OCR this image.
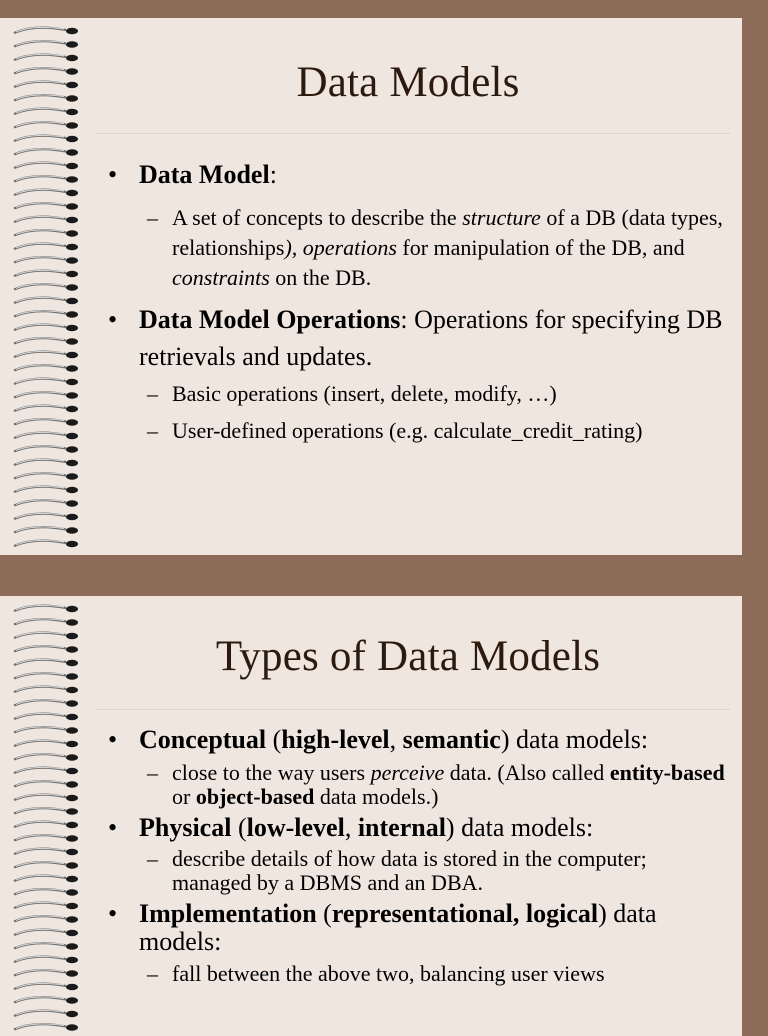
Data Models
• Data Model:
– A set of concepts to describe the structure of a DB (data types, relationships), operations for manipulation of the DB, and constraints on the DB.
• Data Model Operations: Operations for specifying DB retrievals and updates.
– Basic operations (insert, delete, modify, …)
– User-defined operations (e.g. calculate_credit_rating)
Types of Data Models
• Conceptual (high-level, semantic) data models:
– close to the way users perceive data. (Also called entity-based or object-based data models.)
• Physical (low-level, internal) data models:
– describe details of how data is stored in the computer; managed by a DBMS and an DBA.
• Implementation (representational, logical) data models:
– fall between the above two, balancing user views
